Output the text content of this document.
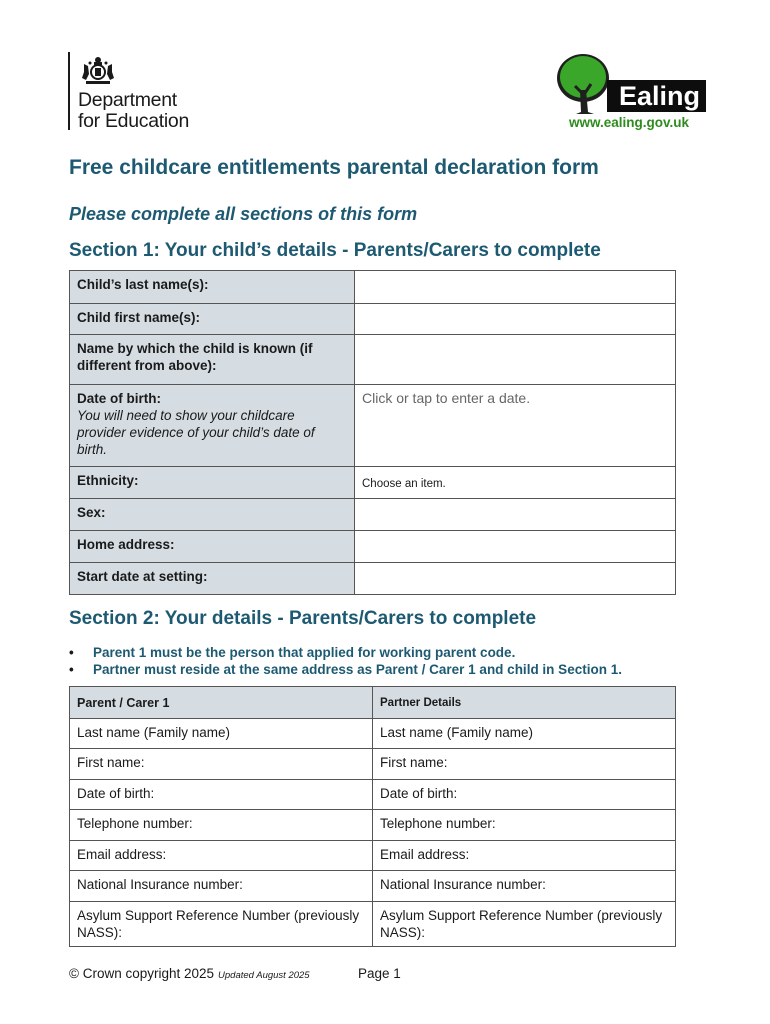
Department
for Education
Ealing
www.ealing.gov.uk
Free childcare entitlements parental declaration form
Please complete all sections of this form
Section 1: Your child’s details - Parents/Carers to complete
Child’s last name(s):	
Child first name(s):	
Name by which the child is known (if different from above):	
Date of birth:
You will need to show your childcare provider evidence of your child’s date of birth.	Click or tap to enter a date.
Ethnicity:	Choose an item.
Sex:	
Home address:	
Start date at setting:	
Section 2: Your details - Parents/Carers to complete
• Parent 1 must be the person that applied for working parent code.
• Partner must reside at the same address as Parent / Carer 1 and child in Section 1.
Parent / Carer 1	Partner Details
Last name (Family name)	Last name (Family name)
First name:	First name:
Date of birth:	Date of birth:
Telephone number:	Telephone number:
Email address:	Email address:
National Insurance number:	National Insurance number:
Asylum Support Reference Number (previously NASS):	Asylum Support Reference Number (previously NASS):
© Crown copyright 2025 Updated August 2025	Page 1
